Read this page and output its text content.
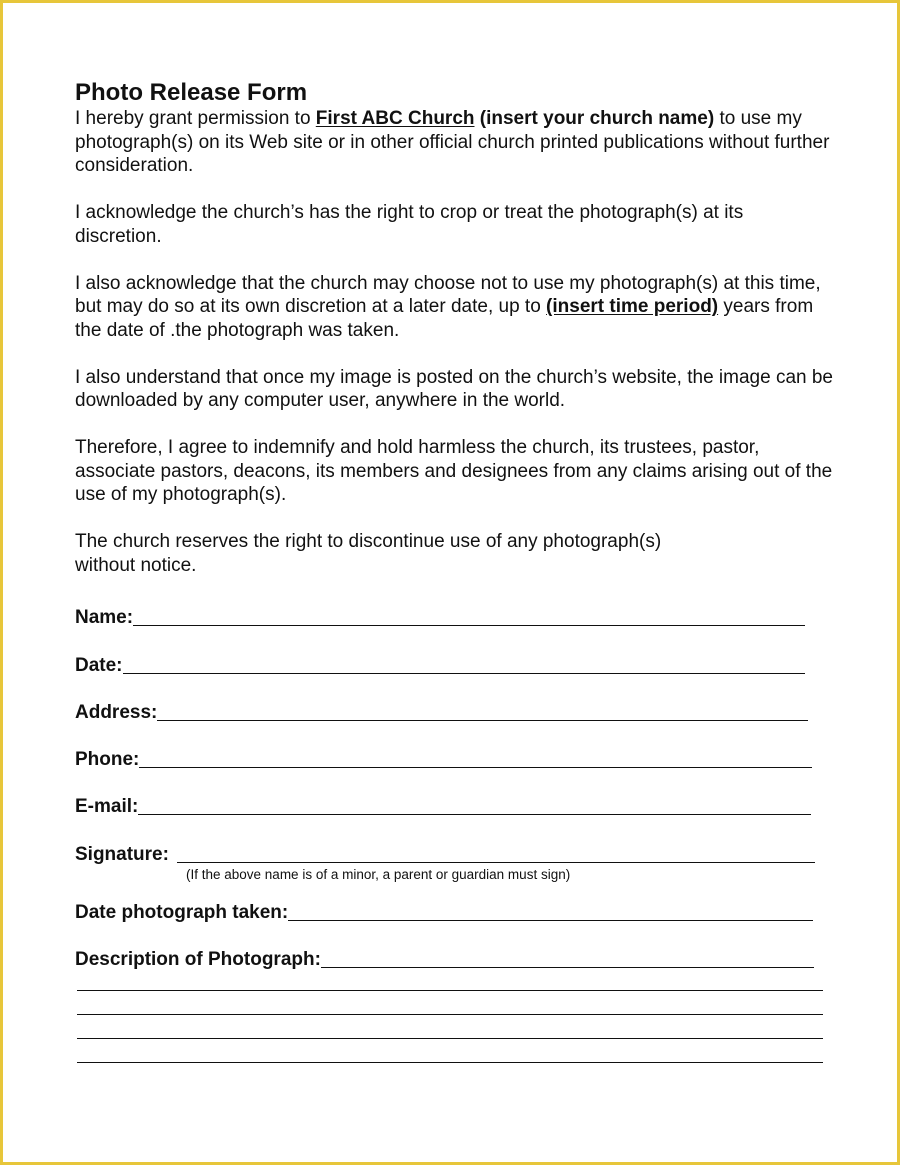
Photo Release Form

I hereby grant permission to First ABC Church (insert your church name) to use my photograph(s) on its Web site or in other official church printed publications without further consideration.

I acknowledge the church’s has the right to crop or treat the photograph(s) at its discretion.

I also acknowledge that the church may choose not to use my photograph(s) at this time, but may do so at its own discretion at a later date, up to (insert time period) years from the date of .the photograph was taken.

I also understand that once my image is posted on the church’s website, the image can be downloaded by any computer user, anywhere in the world.

Therefore, I agree to indemnify and hold harmless the church, its trustees, pastor, associate pastors, deacons, its members and designees from any claims arising out of the use of my photograph(s).

The church reserves the right to discontinue use of any photograph(s)
without notice.

Name:
Date:
Address:
Phone:
E-mail:
Signature:
(If the above name is of a minor, a parent or guardian must sign)
Date photograph taken:
Description of Photograph:
